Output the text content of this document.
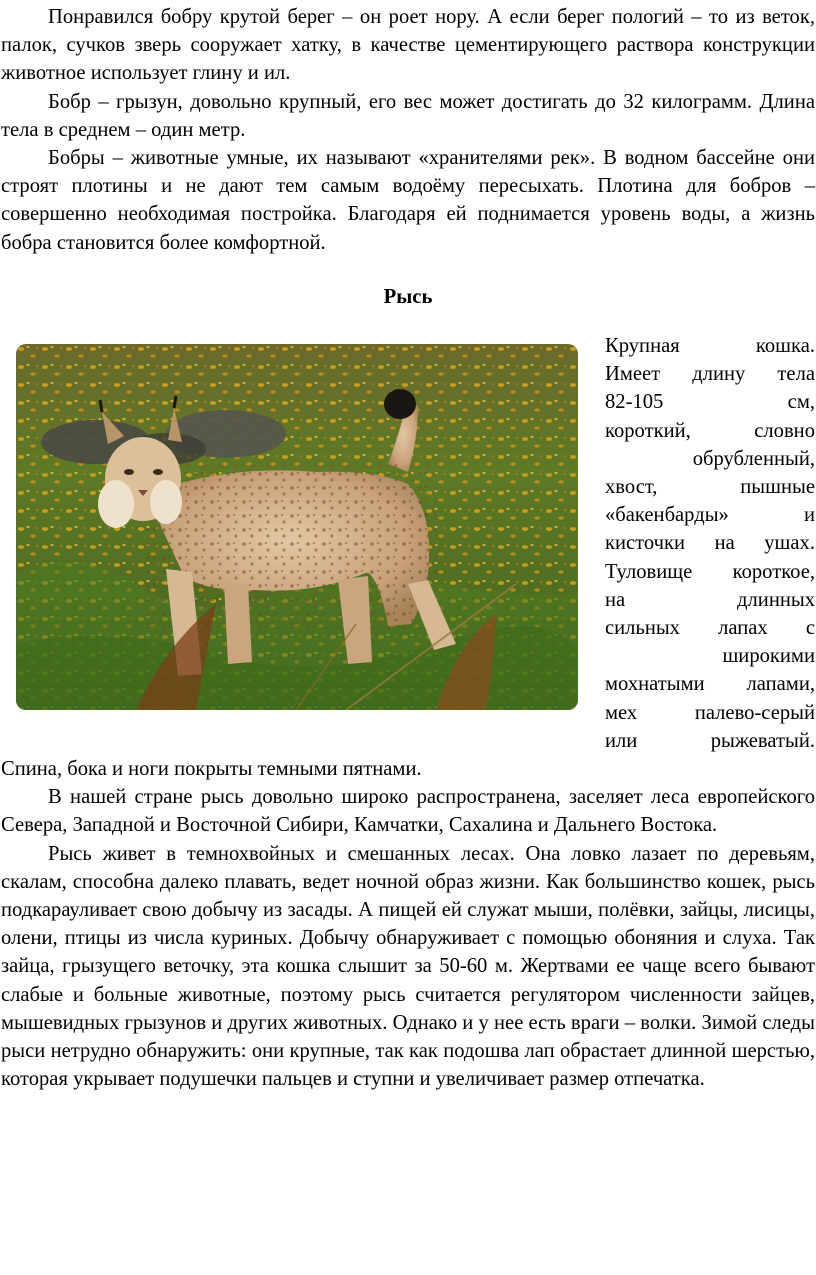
Понравился бобру крутой берег – он роет нору. А если берег пологий – то из веток, палок, сучков зверь сооружает хатку, в качестве цементирующего раствора конструкции животное использует глину и ил.

Бобр – грызун, довольно крупный, его вес может достигать до 32 килограмм. Длина тела в среднем – один метр.

Бобры – животные умные, их называют «хранителями рек». В водном бассейне они строят плотины и не дают тем самым водоёму пересыхать. Плотина для бобров – совершенно необходимая постройка. Благодаря ей поднимается уровень воды, а жизнь бобра становится более комфортной.

Рысь
Крупная кошка.
Имеет длину тела
82-105 см,
короткий, словно
обрубленный,
хвост, пышные
«бакенбарды» и
кисточки на ушах.
Туловище короткое,
на длинных
сильных лапах с
широкими
мохнатыми лапами,
мех палево-серый
или рыжеватый.

Спина, бока и ноги покрыты темными пятнами.

В нашей стране рысь довольно широко распространена, заселяет леса европейского Севера, Западной и Восточной Сибири, Камчатки, Сахалина и Дальнего Востока.

Рысь живет в темнохвойных и смешанных лесах. Она ловко лазает по деревьям, скалам, способна далеко плавать, ведет ночной образ жизни. Как большинство кошек, рысь подкарауливает свою добычу из засады. А пищей ей служат мыши, полёвки, зайцы, лисицы, олени, птицы из числа куриных. Добычу обнаруживает с помощью обоняния и слуха. Так зайца, грызущего веточку, эта кошка слышит за 50-60 м. Жертвами ее чаще всего бывают слабые и больные животные, поэтому рысь считается регулятором численности зайцев, мышевидных грызунов и других животных. Однако и у нее есть враги – волки. Зимой следы рыси нетрудно обнаружить: они крупные, так как подошва лап обрастает длинной шерстью, которая укрывает подушечки пальцев и ступни и увеличивает размер отпечатка.
